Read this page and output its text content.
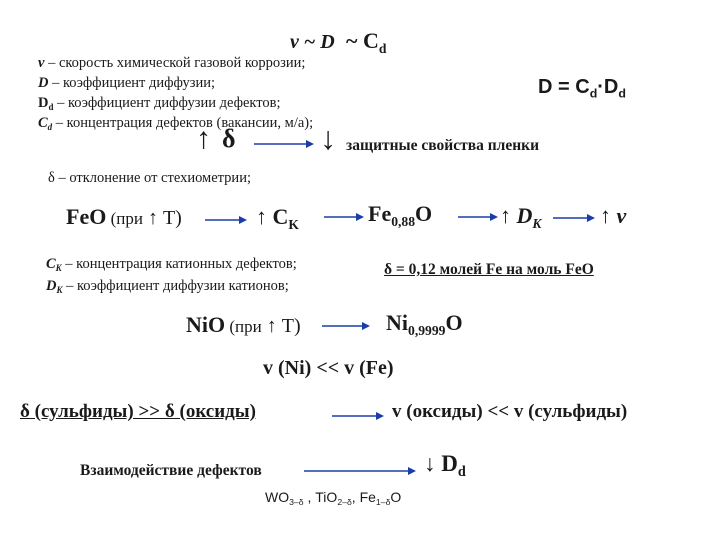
v ~ D ~ $C_d$
v – скорость химической газовой коррозии;
D – коэффициент диффузии;
$D_d$ – коэффициент диффузии дефектов;
$C_d$ – концентрация дефектов (вакансии, м/а);
$D = C_d\cdot D_d$
↑ δ	↓ защитные свойства пленки
δ – отклонение от стехиометрии;
FeO (при ↑ T)	↑ $C_K$	$Fe_{0,88}O$	↑ $D_K$	↑ v
$C_K$ – концентрация катионных дефектов;
$D_K$ – коэффициент диффузии катионов;
δ = 0,12 молей Fe на моль FeO
NiO (при ↑ T)	$Ni_{0,9999}O$
v (Ni) << v (Fe)
δ (сульфиды) >> δ (оксиды)	v (оксиды) << v (сульфиды)
Взаимодействие дефектов	↓ $D_d$
$WO_{3-\delta}$ , TiO$_{2-\delta}$, $Fe_{1-\delta}O$
